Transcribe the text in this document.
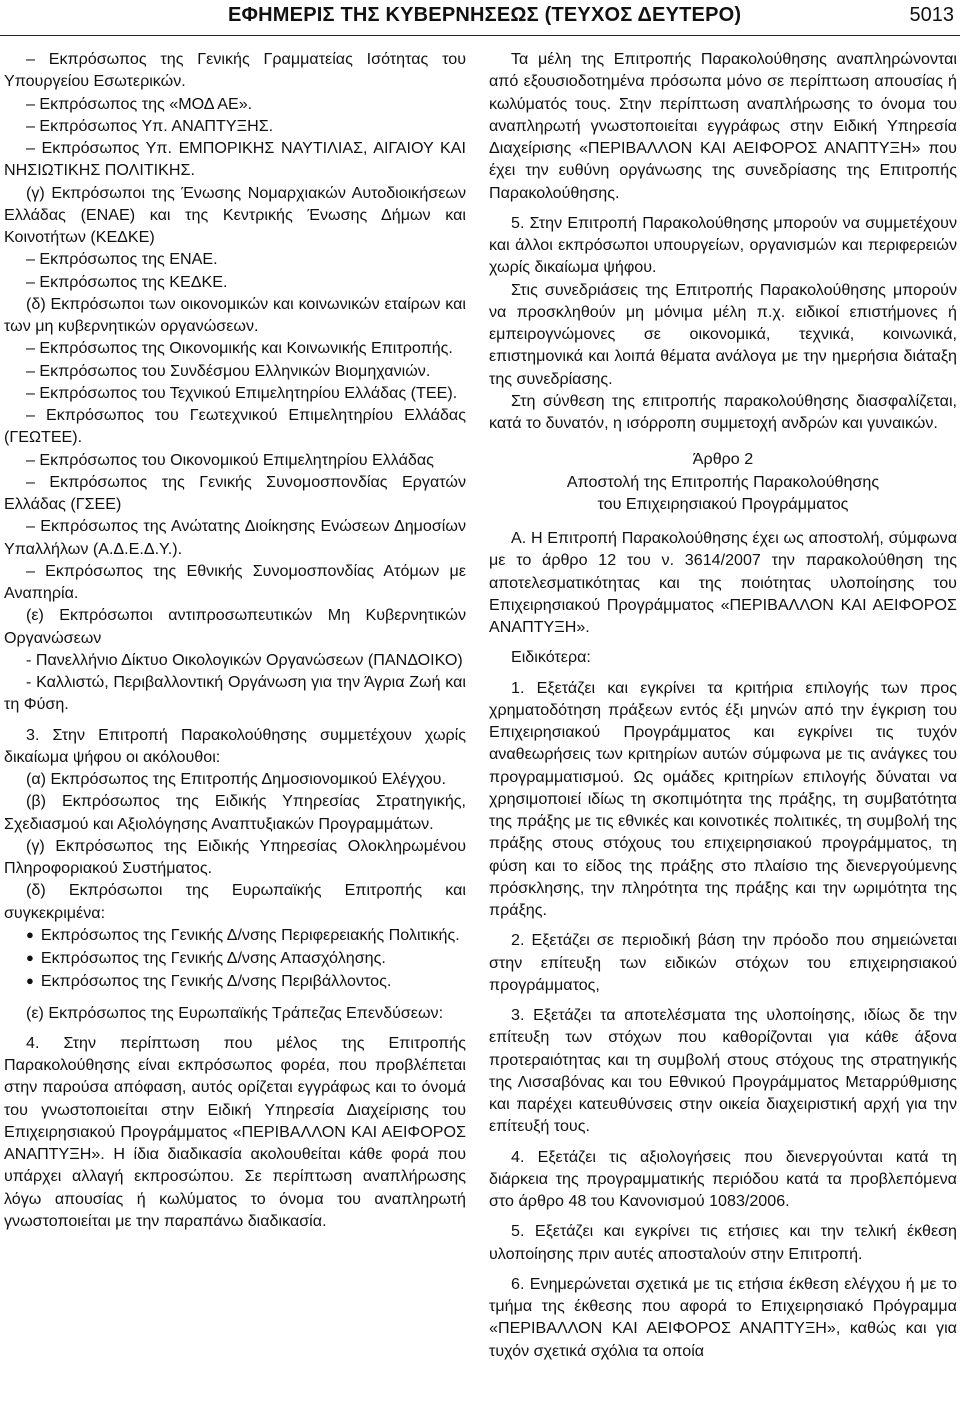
ΕΦΗΜΕΡΙΣ ΤΗΣ ΚΥΒΕΡΝΗΣΕΩΣ (ΤΕΥΧΟΣ ΔΕΥΤΕΡΟ)	5013

– Εκπρόσωπος της Γενικής Γραμματείας Ισότητας του Υπουργείου Εσωτερικών.

– Εκπρόσωπος της «ΜΟΔ ΑΕ».

– Εκπρόσωπος Υπ. ΑΝΑΠΤΥΞΗΣ.

– Εκπρόσωπος Υπ. ΕΜΠΟΡΙΚΗΣ ΝΑΥΤΙΛΙΑΣ, ΑΙΓΑΙΟΥ ΚΑΙ ΝΗΣΙΩΤΙΚΗΣ ΠΟΛΙΤΙΚΗΣ.

(γ) Εκπρόσωποι της Ένωσης Νομαρχιακών Αυτοδιοικήσεων Ελλάδας (ΕΝΑΕ) και της Κεντρικής Ένωσης Δήμων και Κοινοτήτων (ΚΕΔΚΕ)

– Εκπρόσωπος της ΕΝΑΕ.

– Εκπρόσωπος της ΚΕΔΚΕ.

(δ) Εκπρόσωποι των οικονομικών και κοινωνικών εταίρων και των μη κυβερνητικών οργανώσεων.

– Εκπρόσωπος της Οικονομικής και Κοινωνικής Επιτροπής.

– Εκπρόσωπος του Συνδέσμου Ελληνικών Βιομηχανιών.

– Εκπρόσωπος του Τεχνικού Επιμελητηρίου Ελλάδας (ΤΕΕ).

– Εκπρόσωπος του Γεωτεχνικού Επιμελητηρίου Ελλάδας (ΓΕΩΤΕΕ).

– Εκπρόσωπος του Οικονομικού Επιμελητηρίου Ελλάδας

– Εκπρόσωπος της Γενικής Συνομοσπονδίας Εργατών Ελλάδας (ΓΣΕΕ)

– Εκπρόσωπος της Ανώτατης Διοίκησης Ενώσεων Δημοσίων Υπαλλήλων (Α.Δ.Ε.Δ.Υ.).

– Εκπρόσωπος της Εθνικής Συνομοσπονδίας Ατόμων με Αναπηρία.

(ε) Εκπρόσωποι αντιπροσωπευτικών Μη Κυβερνητικών Οργανώσεων

- Πανελλήνιο Δίκτυο Οικολογικών Οργανώσεων (ΠΑΝΔΟΙΚΟ)

- Καλλιστώ, Περιβαλλοντική Οργάνωση για την Άγρια Ζωή και τη Φύση.

3. Στην Επιτροπή Παρακολούθησης συμμετέχουν χωρίς δικαίωμα ψήφου οι ακόλουθοι:

(α) Εκπρόσωπος της Επιτροπής Δημοσιονομικού Ελέγχου.

(β) Εκπρόσωπος της Ειδικής Υπηρεσίας Στρατηγικής, Σχεδιασμού και Αξιολόγησης Αναπτυξιακών Προγραμμάτων.

(γ) Εκπρόσωπος της Ειδικής Υπηρεσίας Ολοκληρωμένου Πληροφοριακού Συστήματος.

(δ) Εκπρόσωποι της Ευρωπαϊκής Επιτροπής και συγκεκριμένα:

● Εκπρόσωπος της Γενικής Δ/νσης Περιφερειακής Πολιτικής.

● Εκπρόσωπος της Γενικής Δ/νσης Απασχόλησης.

● Εκπρόσωπος της Γενικής Δ/νσης Περιβάλλοντος.

(ε) Εκπρόσωπος της Ευρωπαϊκής Τράπεζας Επενδύσεων:

4. Στην περίπτωση που μέλος της Επιτροπής Παρακολούθησης είναι εκπρόσωπος φορέα, που προβλέπεται στην παρούσα απόφαση, αυτός ορίζεται εγγράφως και το όνομά του γνωστοποιείται στην Ειδική Υπηρεσία Διαχείρισης του Επιχειρησιακού Προγράμματος «ΠΕΡΙΒΑΛΛΟΝ ΚΑΙ ΑΕΙΦΟΡΟΣ ΑΝΑΠΤΥΞΗ». Η ίδια διαδικασία ακολουθείται κάθε φορά που υπάρχει αλλαγή εκπροσώπου. Σε περίπτωση αναπλήρωσης λόγω απουσίας ή κωλύματος το όνομα του αναπληρωτή γνωστοποιείται με την παραπάνω διαδικασία.

Τα μέλη της Επιτροπής Παρακολούθησης αναπληρώνονται από εξουσιοδοτημένα πρόσωπα μόνο σε περίπτωση απουσίας ή κωλύματός τους. Στην περίπτωση αναπλήρωσης το όνομα του αναπληρωτή γνωστοποιείται εγγράφως στην Ειδική Υπηρεσία Διαχείρισης «ΠΕΡΙΒΑΛΛΟΝ ΚΑΙ ΑΕΙΦΟΡΟΣ ΑΝΑΠΤΥΞΗ» που έχει την ευθύνη οργάνωσης της συνεδρίασης της Επιτροπής Παρακολούθησης.

5. Στην Επιτροπή Παρακολούθησης μπορούν να συμμετέχουν και άλλοι εκπρόσωποι υπουργείων, οργανισμών και περιφερειών χωρίς δικαίωμα ψήφου.

Στις συνεδριάσεις της Επιτροπής Παρακολούθησης μπορούν να προσκληθούν μη μόνιμα μέλη π.χ. ειδικοί επιστήμονες ή εμπειρογνώμονες σε οικονομικά, τεχνικά, κοινωνικά, επιστημονικά και λοιπά θέματα ανάλογα με την ημερήσια διάταξη της συνεδρίασης.

Στη σύνθεση της επιτροπής παρακολούθησης διασφαλίζεται, κατά το δυνατόν, η ισόρροπη συμμετοχή ανδρών και γυναικών.

Άρθρο 2

Αποστολή της Επιτροπής Παρακολούθησης

του Επιχειρησιακού Προγράμματος

Α. Η Επιτροπή Παρακολούθησης έχει ως αποστολή, σύμφωνα με το άρθρο 12 του ν. 3614/2007 την παρακολούθηση της αποτελεσματικότητας και της ποιότητας υλοποίησης του Επιχειρησιακού Προγράμματος «ΠΕΡΙΒΑΛΛΟΝ ΚΑΙ ΑΕΙΦΟΡΟΣ ΑΝΑΠΤΥΞΗ».

Ειδικότερα:

1. Εξετάζει και εγκρίνει τα κριτήρια επιλογής των προς χρηματοδότηση πράξεων εντός έξι μηνών από την έγκριση του Επιχειρησιακού Προγράμματος και εγκρίνει τις τυχόν αναθεωρήσεις των κριτηρίων αυτών σύμφωνα με τις ανάγκες του προγραμματισμού. Ως ομάδες κριτηρίων επιλογής δύναται να χρησιμοποιεί ιδίως τη σκοπιμότητα της πράξης, τη συμβατότητα της πράξης με τις εθνικές και κοινοτικές πολιτικές, τη συμβολή της πράξης στους στόχους του επιχειρησιακού προγράμματος, τη φύση και το είδος της πράξης στο πλαίσιο της διενεργούμενης πρόσκλησης, την πληρότητα της πράξης και την ωριμότητα της πράξης.

2. Εξετάζει σε περιοδική βάση την πρόοδο που σημειώνεται στην επίτευξη των ειδικών στόχων του επιχειρησιακού προγράμματος,

3. Εξετάζει τα αποτελέσματα της υλοποίησης, ιδίως δε την επίτευξη των στόχων που καθορίζονται για κάθε άξονα προτεραιότητας και τη συμβολή στους στόχους της στρατηγικής της Λισσαβόνας και του Εθνικού Προγράμματος Μεταρρύθμισης και παρέχει κατευθύνσεις στην οικεία διαχειριστική αρχή για την επίτευξή τους.

4. Εξετάζει τις αξιολογήσεις που διενεργούνται κατά τη διάρκεια της προγραμματικής περιόδου κατά τα προβλεπόμενα στο άρθρο 48 του Κανονισμού 1083/2006.

5. Εξετάζει και εγκρίνει τις ετήσιες και την τελική έκθεση υλοποίησης πριν αυτές αποσταλούν στην Επιτροπή.

6. Ενημερώνεται σχετικά με τις ετήσια έκθεση ελέγχου ή με το τμήμα της έκθεσης που αφορά το Επιχειρησιακό Πρόγραμμα «ΠΕΡΙΒΑΛΛΟΝ ΚΑΙ ΑΕΙΦΟΡΟΣ ΑΝΑΠΤΥΞΗ», καθώς και για τυχόν σχετικά σχόλια τα οποία
